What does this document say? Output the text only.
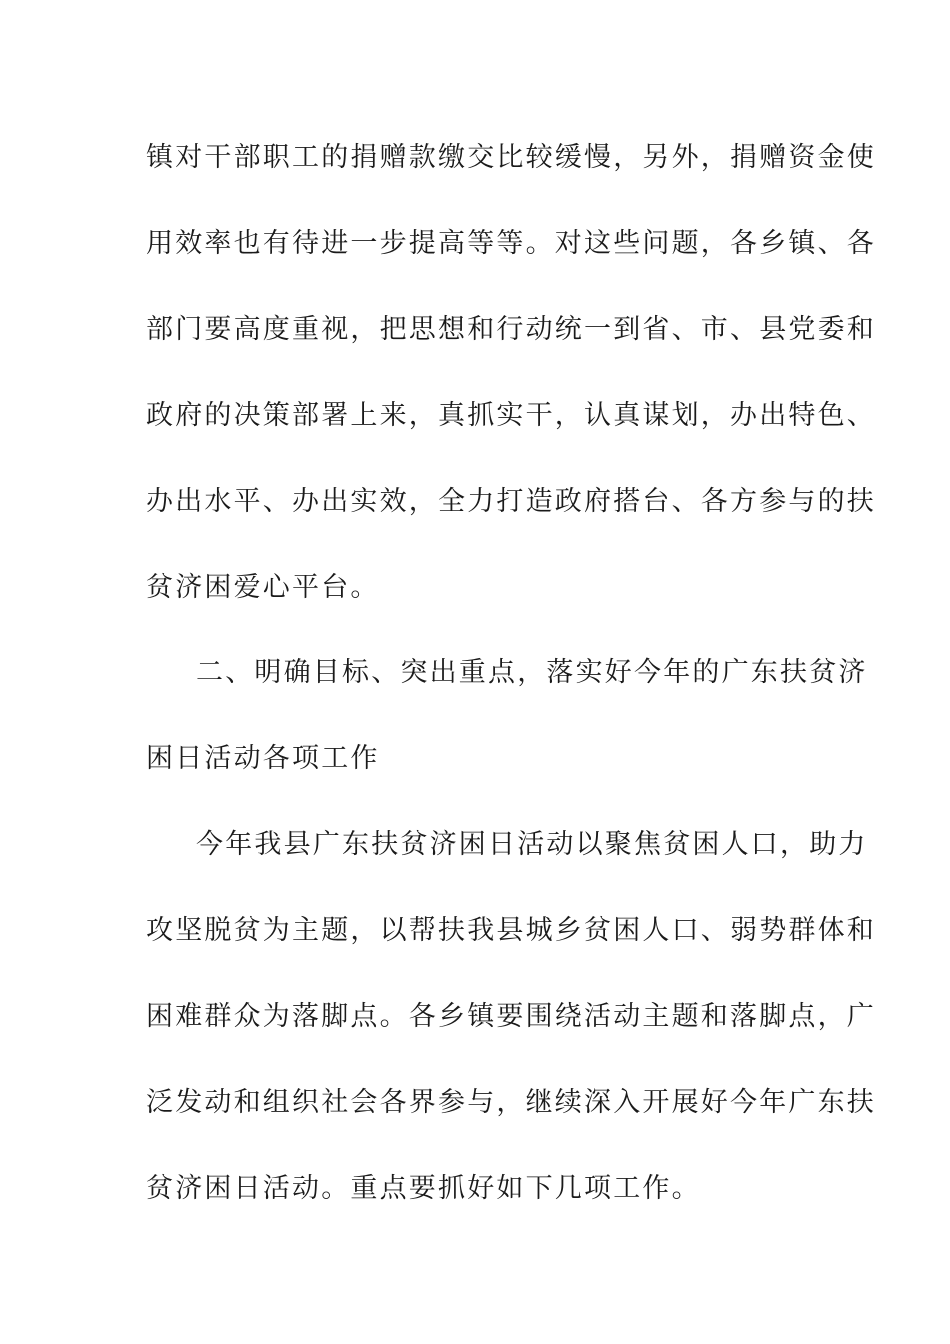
镇对干部职工的捐赠款缴交比较缓慢，另外，捐赠资金使
用效率也有待进一步提高等等。对这些问题，各乡镇、各
部门要高度重视，把思想和行动统一到省、市、县党委和
政府的决策部署上来，真抓实干，认真谋划，办出特色、
办出水平、办出实效，全力打造政府搭台、各方参与的扶
贫济困爱心平台。
二、明确目标、突出重点，落实好今年的广东扶贫济
困日活动各项工作
今年我县广东扶贫济困日活动以聚焦贫困人口，助力
攻坚脱贫为主题，以帮扶我县城乡贫困人口、弱势群体和
困难群众为落脚点。各乡镇要围绕活动主题和落脚点，广
泛发动和组织社会各界参与，继续深入开展好今年广东扶
贫济困日活动。重点要抓好如下几项工作。
